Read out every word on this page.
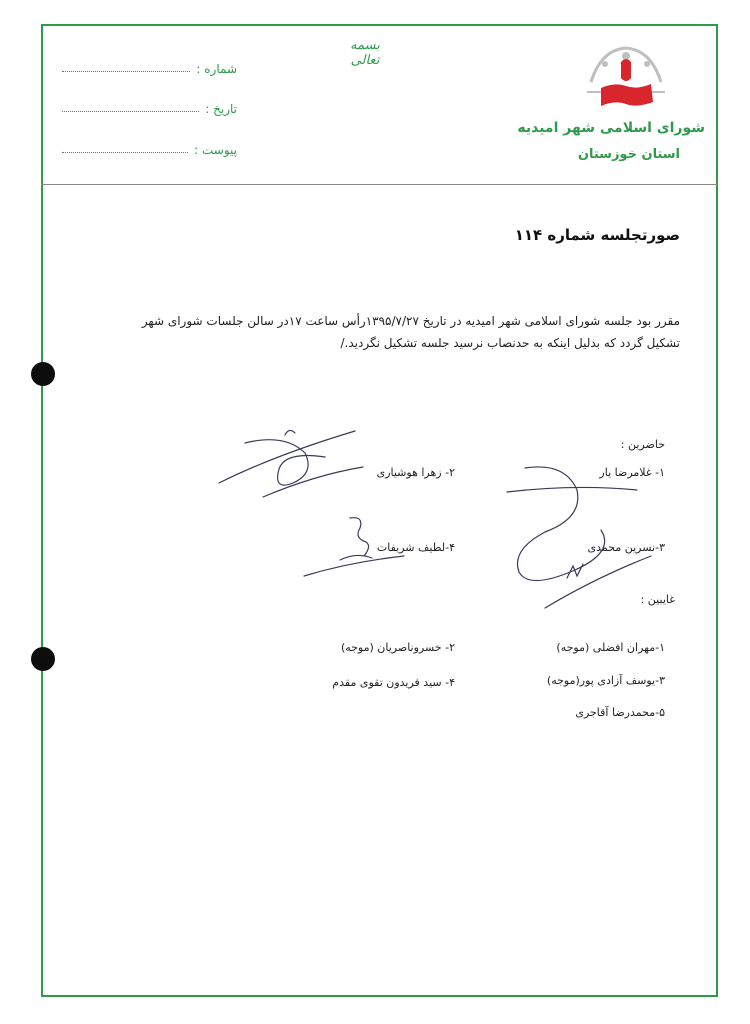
شماره :
تاریخ :
پیوست :
بسمه تعالی
شورای اسلامی شهر امیدیه
استان خوزستان
صورتجلسه شماره ۱۱۴
مقرر بود جلسه شورای اسلامی شهر امیدیه در تاریخ ۱۳۹۵/۷/۲۷رأس ساعت ۱۷در سالن جلسات شورای شهر
تشکیل گردد که بدلیل اینکه به حدنصاب نرسید جلسه تشکیل نگردید./
حاضرین :
۱- غلامرضا یار
۲- زهرا هوشیاری
۳-نسرین محمدی
۴-لطیف شریفات
غایبین :
۱-مهران افضلی (موجه)
۲- خسروناصریان (موجه)
۳-یوسف آزادی پور(موجه)
۴- سید فریدون تقوی مقدم
۵-محمدرضا آقاجری
